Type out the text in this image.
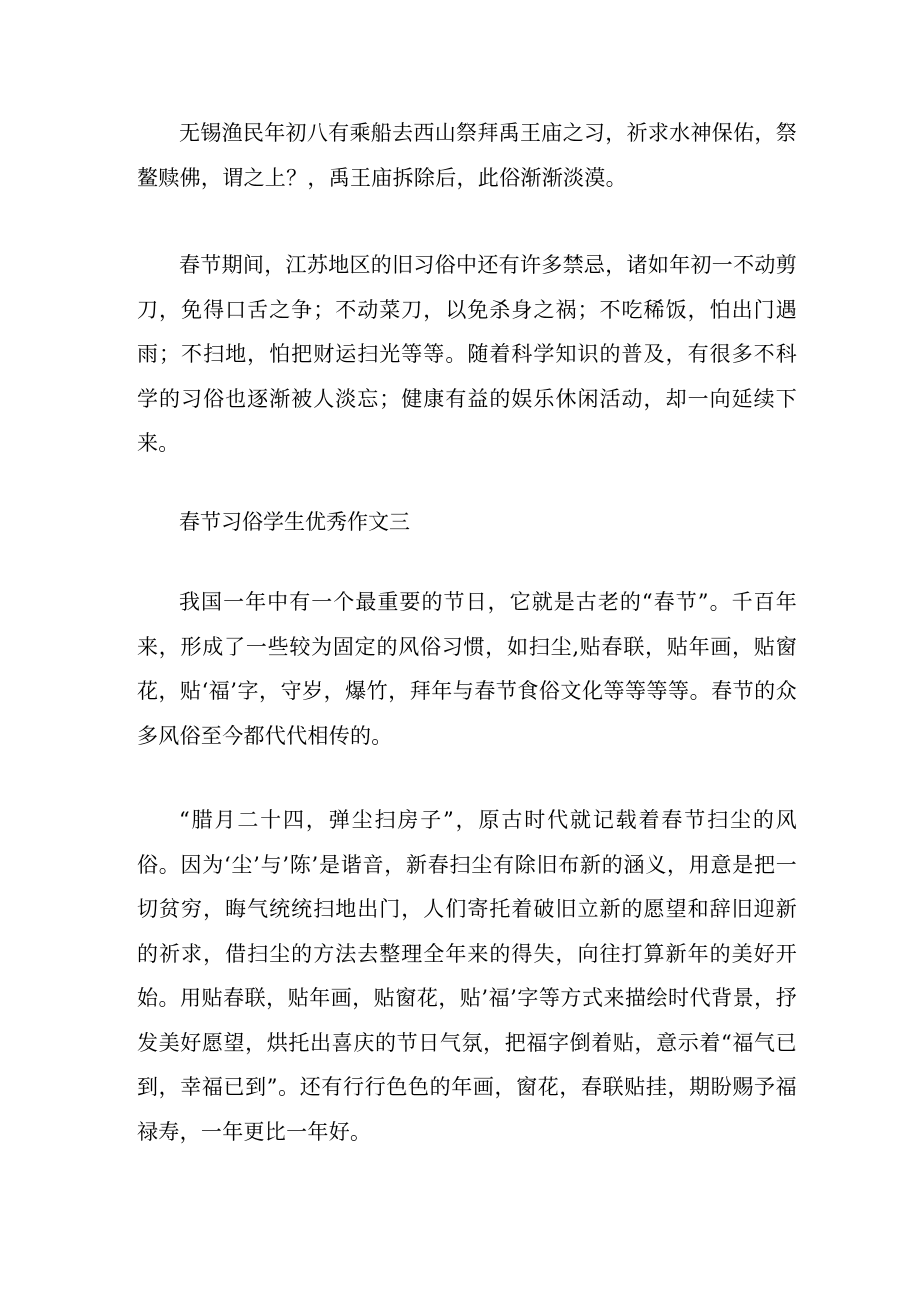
无锡渔民年初八有乘船去西山祭拜禹王庙之习，祈求水神保佑，祭鳌赎佛，谓之上？，禹王庙拆除后，此俗渐渐淡漠。

春节期间，江苏地区的旧习俗中还有许多禁忌，诸如年初一不动剪刀，免得口舌之争；不动菜刀，以免杀身之祸；不吃稀饭，怕出门遇雨；不扫地，怕把财运扫光等等。随着科学知识的普及，有很多不科学的习俗也逐渐被人淡忘；健康有益的娱乐休闲活动，却一向延续下来。

春节习俗学生优秀作文三

我国一年中有一个最重要的节日，它就是古老的“春节”。千百年来，形成了一些较为固定的风俗习惯，如扫尘,贴春联，贴年画，贴窗花，贴‘福’字，守岁，爆竹，拜年与春节食俗文化等等等等。春节的众多风俗至今都代代相传的。

“腊月二十四，弹尘扫房子”，原古时代就记载着春节扫尘的风俗。因为‘尘’与’陈’是谐音，新春扫尘有除旧布新的涵义，用意是把一切贫穷，晦气统统扫地出门，人们寄托着破旧立新的愿望和辞旧迎新的祈求，借扫尘的方法去整理全年来的得失，向往打算新年的美好开始。用贴春联，贴年画，贴窗花，贴’福’字等方式来描绘时代背景，抒发美好愿望，烘托出喜庆的节日气氛，把福字倒着贴，意示着“福气已到，幸福已到”。还有行行色色的年画，窗花，春联贴挂，期盼赐予福禄寿，一年更比一年好。
